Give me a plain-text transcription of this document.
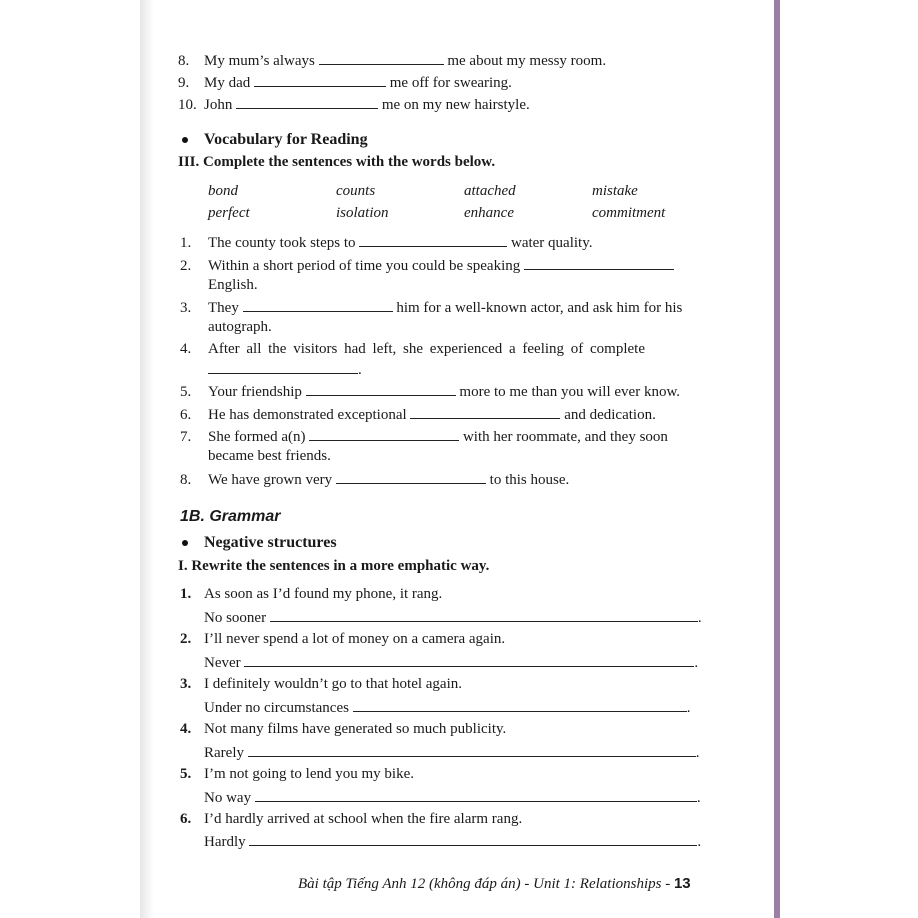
8. My mum’s always	me about my messy room.
9. My dad	me off for swearing.
10. John	me on my new hairstyle.
Vocabulary for Reading
III. Complete the sentences with the words below.
bond	counts	attached	mistake
perfect	isolation	enhance	commitment
1. The county took steps to	water quality.
2. Within a short period of time you could be speaking
English.
3. They	him for a well-known actor, and ask him for his
autograph.
4. After all the visitors had left, she experienced a feeling of complete
.
5. Your friendship	more to me than you will ever know.
6. He has demonstrated exceptional	and dedication.
7. She formed a(n)	with her roommate, and they soon
became best friends.
8. We have grown very	to this house.
1B. Grammar
Negative structures
I. Rewrite the sentences in a more emphatic way.
1. As soon as I’d found my phone, it rang.
No sooner	.
2. I’ll never spend a lot of money on a camera again.
Never	.
3. I definitely wouldn’t go to that hotel again.
Under no circumstances	.
4. Not many films have generated so much publicity.
Rarely	.
5. I’m not going to lend you my bike.
No way	.
6. I’d hardly arrived at school when the fire alarm rang.
Hardly	.
Bài tập Tiếng Anh 12 (không đáp án) - Unit 1: Relationships - 13
